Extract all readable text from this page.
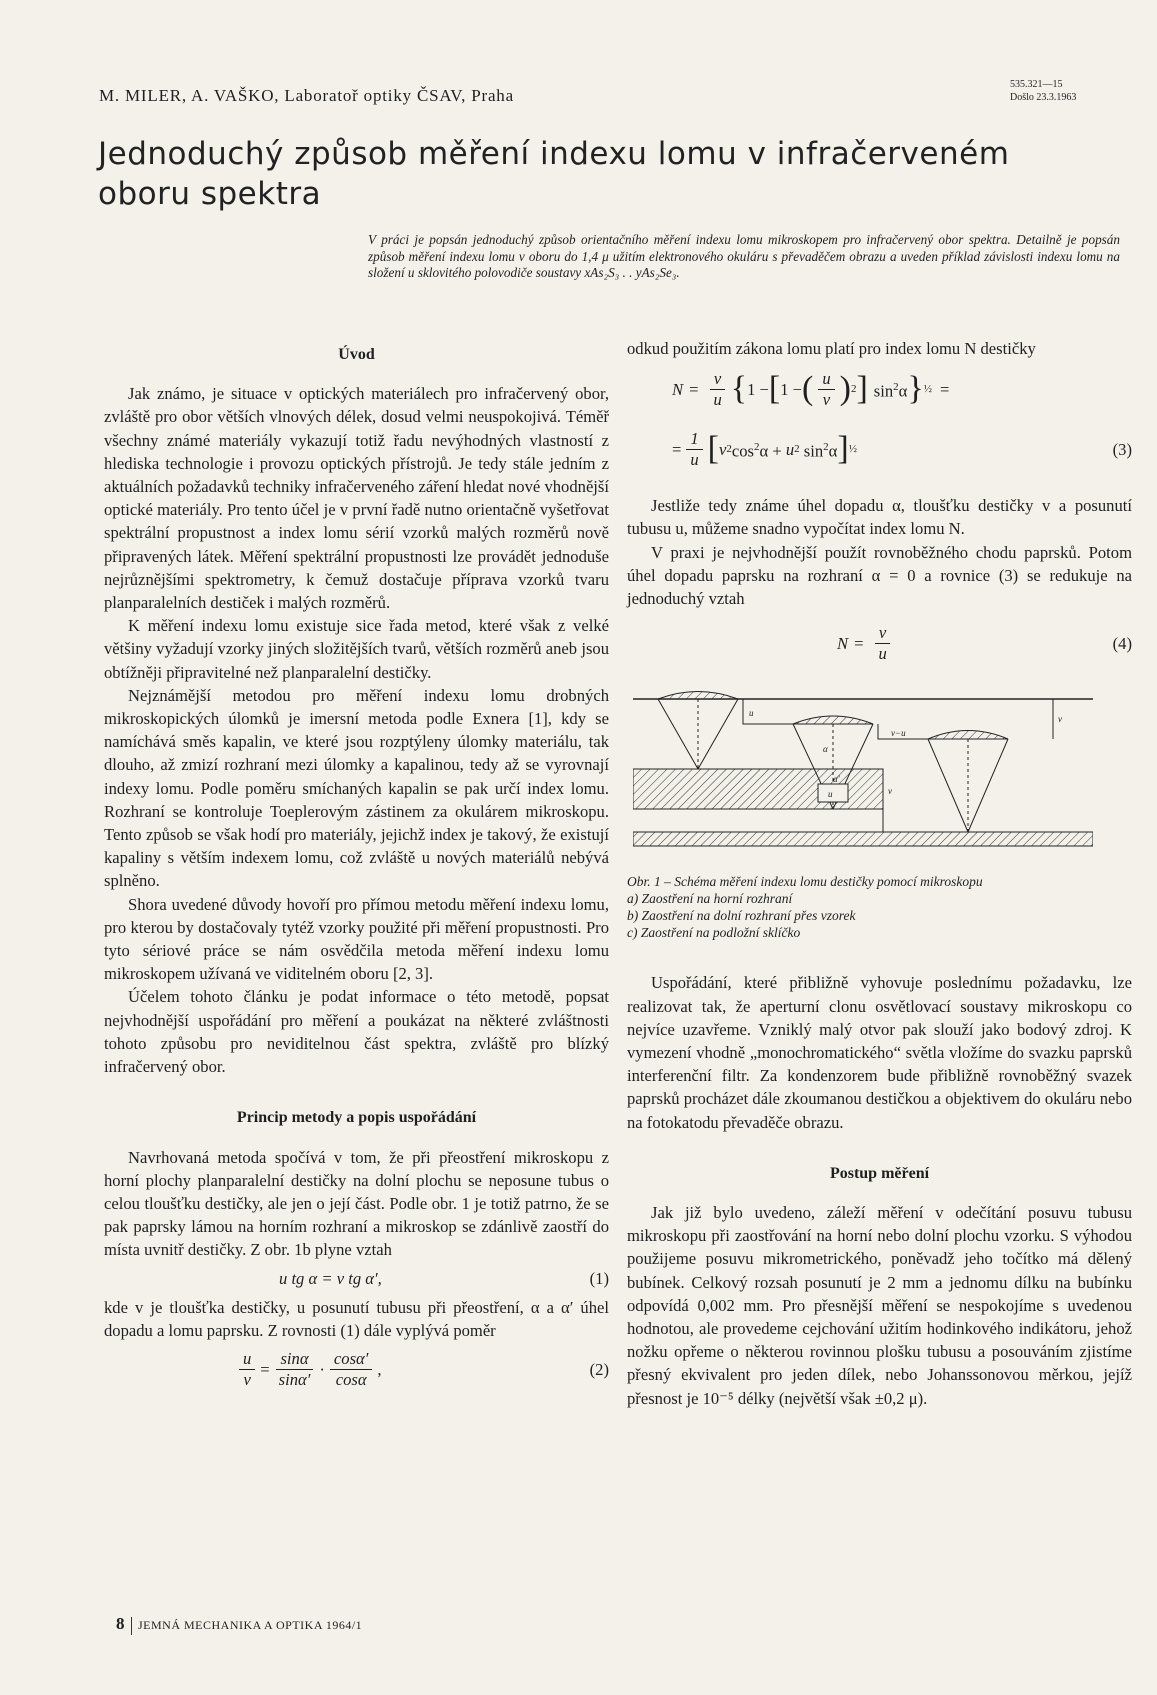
M. MILER, A. VAŠKO, Laboratoř optiky ČSAV, Praha
535.321—15
Došlo 23.3.1963
Jednoduchý způsob měření indexu lomu v infračerveném oboru spektra
V práci je popsán jednoduchý způsob orientačního měření indexu lomu mikroskopem pro infračervený obor spektra. Detailně je popsán způsob měření indexu lomu v oboru do 1,4 μ užitím elektronového okuláru s převaděčem obrazu a uveden příklad závislosti indexu lomu na složení u sklovitého polovodiče soustavy xAs₂S₃ . . yAs₂Se₃.
Úvod

Jak známo, je situace v optických materiálech pro infračervený obor, zvláště pro obor větších vlnových délek, dosud velmi neuspokojivá. Téměř všechny známé materiály vykazují totiž řadu nevýhodných vlastností z hlediska technologie i provozu optických přístrojů. Je tedy stále jedním z aktuálních požadavků techniky infračerveného záření hledat nové vhodnější optické materiály. Pro tento účel je v první řadě nutno orientačně vyšetřovat spektrální propustnost a index lomu sérií vzorků malých rozměrů nově připravených látek. Měření spektrální propustnosti lze provádět jednoduše nejrůznějšími spektrometry, k čemuž dostačuje příprava vzorků tvaru planparalelních destiček i malých rozměrů.

K měření indexu lomu existuje sice řada metod, které však z velké většiny vyžadují vzorky jiných složitějších tvarů, větších rozměrů aneb jsou obtížněji připravitelné než planparalelní destičky.

Nejznámější metodou pro měření indexu lomu drobných mikroskopických úlomků je imersní metoda podle Exnera [1], kdy se namíchává směs kapalin, ve které jsou rozptýleny úlomky materiálu, tak dlouho, až zmizí rozhraní mezi úlomky a kapalinou, tedy až se vyrovnají indexy lomu. Podle poměru smíchaných kapalin se pak určí index lomu. Rozhraní se kontroluje Toeplerovým zástinem za okulárem mikroskopu. Tento způsob se však hodí pro materiály, jejichž index je takový, že existují kapaliny s větším indexem lomu, což zvláště u nových materiálů nebývá splněno.

Shora uvedené důvody hovoří pro přímou metodu měření indexu lomu, pro kterou by dostačovaly tytéž vzorky použité při měření propustnosti. Pro tyto sériové práce se nám osvědčila metoda měření indexu lomu mikroskopem užívaná ve viditelném oboru [2, 3].

Účelem tohoto článku je podat informace o této metodě, popsat nejvhodnější uspořádání pro měření a poukázat na některé zvláštnosti tohoto způsobu pro neviditelnou část spektra, zvláště pro blízký infračervený obor.

Princip metody a popis uspořádání

Navrhovaná metoda spočívá v tom, že při přeostření mikroskopu z horní plochy planparalelní destičky na dolní plochu se neposune tubus o celou tloušťku destičky, ale jen o její část. Podle obr. 1 je totiž patrno, že se pak paprsky lámou na horním rozhraní a mikroskop se zdánlivě zaostří do místa uvnitř destičky. Z obr. 1b plyne vztah

u tg α = v tg α′,	(1)

kde v je tloušťka destičky, u posunutí tubusu při přeostření, α a α′ úhel dopadu a lomu paprsku. Z rovnosti (1) dále vyplývá poměr

$\frac{u}{v} = \frac{\sin\alpha}{\sin\alpha'} \cdot \frac{\cos\alpha'}{\cos\alpha}$ ,	(2)

odkud použitím zákona lomu platí pro index lomu N destičky

$N = \frac{v}{u}$ { 1 − [ 1 − ( $\frac{u}{v}$ ) 2 ] $\sin^2\alpha$ } ½ =
= $\frac{1}{u}$ [ v 2 $\cos^2\alpha + u$ 2 $\sin^2\alpha$ ] ½	(3)

Jestliže tedy známe úhel dopadu α, tloušťku destičky v a posunutí tubusu u, můžeme snadno vypočítat index lomu N.

V praxi je nejvhodnější použít rovnoběžného chodu paprsků. Potom úhel dopadu paprsku na rozhraní α = 0 a rovnice (3) se redukuje na jednoduchý vztah

$N = \frac{v}{u}$	(4)
u
u
v−u
v
v
α
α′
Obr. 1 – Schéma měření indexu lomu destičky pomocí mikroskopu
a) Zaostření na horní rozhraní
b) Zaostření na dolní rozhraní přes vzorek
c) Zaostření na podložní sklíčko

Uspořádání, které přibližně vyhovuje poslednímu požadavku, lze realizovat tak, že aperturní clonu osvětlovací soustavy mikroskopu co nejvíce uzavřeme. Vzniklý malý otvor pak slouží jako bodový zdroj. K vymezení vhodně „monochromatického“ světla vložíme do svazku paprsků interferenční filtr. Za kondenzorem bude přibližně rovnoběžný svazek paprsků procházet dále zkoumanou destičkou a objektivem do okuláru nebo na fotokatodu převaděče obrazu.

Postup měření

Jak již bylo uvedeno, záleží měření v odečítání posuvu tubusu mikroskopu při zaostřování na horní nebo dolní plochu vzorku. S výhodou použijeme posuvu mikrometrického, poněvadž jeho točítko má dělený bubínek. Celkový rozsah posunutí je 2 mm a jednomu dílku na bubínku odpovídá 0,002 mm. Pro přesnější měření se nespokojíme s uvedenou hodnotou, ale provedeme cejchování užitím hodinkového indikátoru, jehož nožku opřeme o některou rovinnou plošku tubusu a posouváním zjistíme přesný ekvivalent pro jeden dílek, nebo Johanssonovou měrkou, jejíž přesnost je 10⁻⁵ délky (největší však ±0,2 μ).

8 JEMNÁ MECHANIKA A OPTIKA 1964/1
